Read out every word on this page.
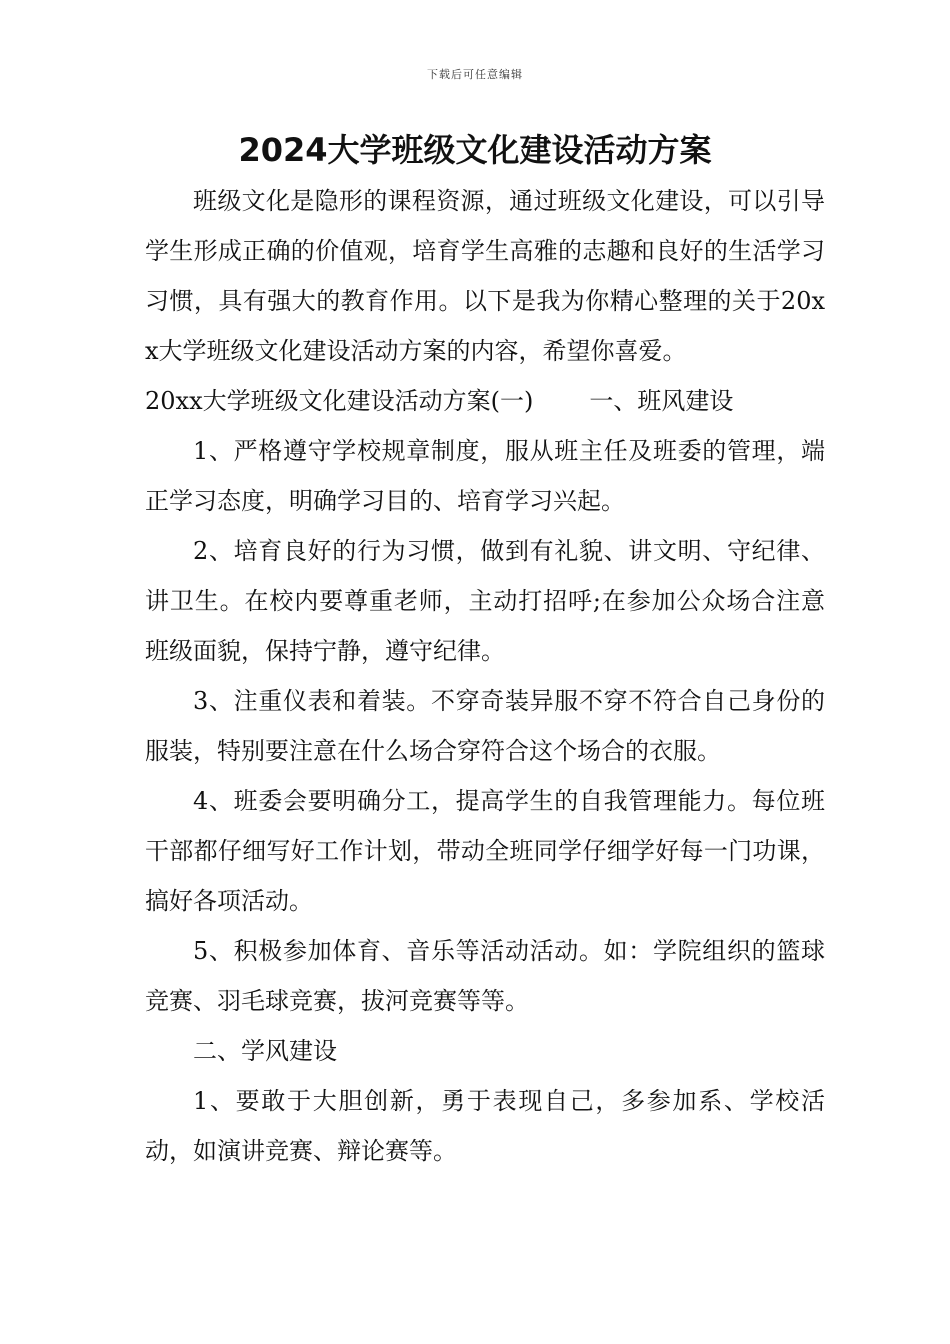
下载后可任意编辑
2024大学班级文化建设活动方案

班级文化是隐形的课程资源，通过班级文化建设，可以引导学生形成正确的价值观，培育学生高雅的志趣和良好的生活学习习惯，具有强大的教育作用。以下是我为你精心整理的关于20xx大学班级文化建设活动方案的内容，希望你喜爱。

20xx大学班级文化建设活动方案(一) 一、班风建设

1、严格遵守学校规章制度，服从班主任及班委的管理，端正学习态度，明确学习目的、培育学习兴起。

2、培育良好的行为习惯，做到有礼貌、讲文明、守纪律、讲卫生。在校内要尊重老师，主动打招呼;在参加公众场合注意班级面貌，保持宁静，遵守纪律。

3、注重仪表和着装。不穿奇装异服不穿不符合自己身份的服装，特别要注意在什么场合穿符合这个场合的衣服。

4、班委会要明确分工，提高学生的自我管理能力。每位班干部都仔细写好工作计划，带动全班同学仔细学好每一门功课，搞好各项活动。

5、积极参加体育、音乐等活动活动。如：学院组织的篮球竞赛、羽毛球竞赛，拔河竞赛等等。

二、学风建设

1、要敢于大胆创新，勇于表现自己，多参加系、学校活动，如演讲竞赛、辩论赛等。
